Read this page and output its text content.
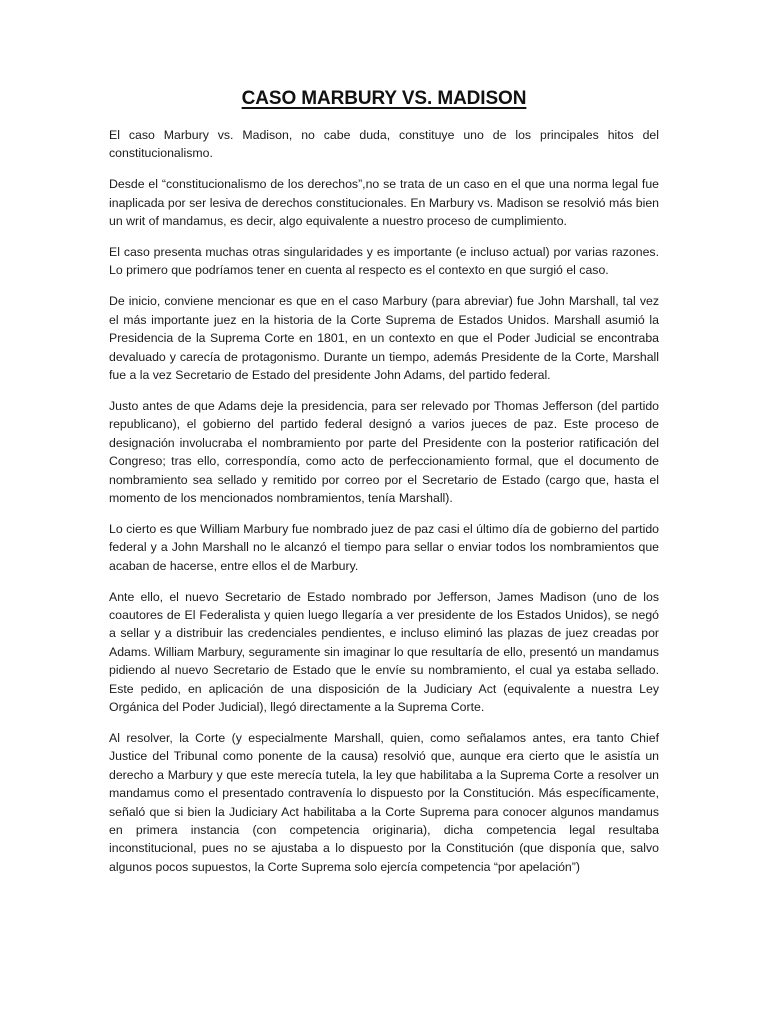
CASO MARBURY VS. MADISON

El caso Marbury vs. Madison, no cabe duda, constituye uno de los principales hitos del constitucionalismo.

Desde el “constitucionalismo de los derechos”,no se trata de un caso en el que una norma legal fue inaplicada por ser lesiva de derechos constitucionales. En Marbury vs. Madison se resolvió más bien un writ of mandamus, es decir, algo equivalente a nuestro proceso de cumplimiento.

El caso presenta muchas otras singularidades y es importante (e incluso actual) por varias razones. Lo primero que podríamos tener en cuenta al respecto es el contexto en que surgió el caso.

De inicio, conviene mencionar es que en el caso Marbury (para abreviar) fue John Marshall, tal vez el más importante juez en la historia de la Corte Suprema de Estados Unidos. Marshall asumió la Presidencia de la Suprema Corte en 1801, en un contexto en que el Poder Judicial se encontraba devaluado y carecía de protagonismo. Durante un tiempo, además Presidente de la Corte, Marshall fue a la vez Secretario de Estado del presidente John Adams, del partido federal.

Justo antes de que Adams deje la presidencia, para ser relevado por Thomas Jefferson (del partido republicano), el gobierno del partido federal designó a varios jueces de paz. Este proceso de designación involucraba el nombramiento por parte del Presidente con la posterior ratificación del Congreso; tras ello, correspondía, como acto de perfeccionamiento formal, que el documento de nombramiento sea sellado y remitido por correo por el Secretario de Estado (cargo que, hasta el momento de los mencionados nombramientos, tenía Marshall).

Lo cierto es que William Marbury fue nombrado juez de paz casi el último día de gobierno del partido federal y a John Marshall no le alcanzó el tiempo para sellar o enviar todos los nombramientos que acaban de hacerse, entre ellos el de Marbury.

Ante ello, el nuevo Secretario de Estado nombrado por Jefferson, James Madison (uno de los coautores de El Federalista y quien luego llegaría a ver presidente de los Estados Unidos), se negó a sellar y a distribuir las credenciales pendientes, e incluso eliminó las plazas de juez creadas por Adams. William Marbury, seguramente sin imaginar lo que resultaría de ello, presentó un mandamus pidiendo al nuevo Secretario de Estado que le envíe su nombramiento, el cual ya estaba sellado. Este pedido, en aplicación de una disposición de la Judiciary Act (equivalente a nuestra Ley Orgánica del Poder Judicial), llegó directamente a la Suprema Corte.

Al resolver, la Corte (y especialmente Marshall, quien, como señalamos antes, era tanto Chief Justice del Tribunal como ponente de la causa) resolvió que, aunque era cierto que le asistía un derecho a Marbury y que este merecía tutela, la ley que habilitaba a la Suprema Corte a resolver un mandamus como el presentado contravenía lo dispuesto por la Constitución. Más específicamente, señaló que si bien la Judiciary Act habilitaba a la Corte Suprema para conocer algunos mandamus en primera instancia (con competencia originaria), dicha competencia legal resultaba inconstitucional, pues no se ajustaba a lo dispuesto por la Constitución (que disponía que, salvo algunos pocos supuestos, la Corte Suprema solo ejercía competencia “por apelación”)
